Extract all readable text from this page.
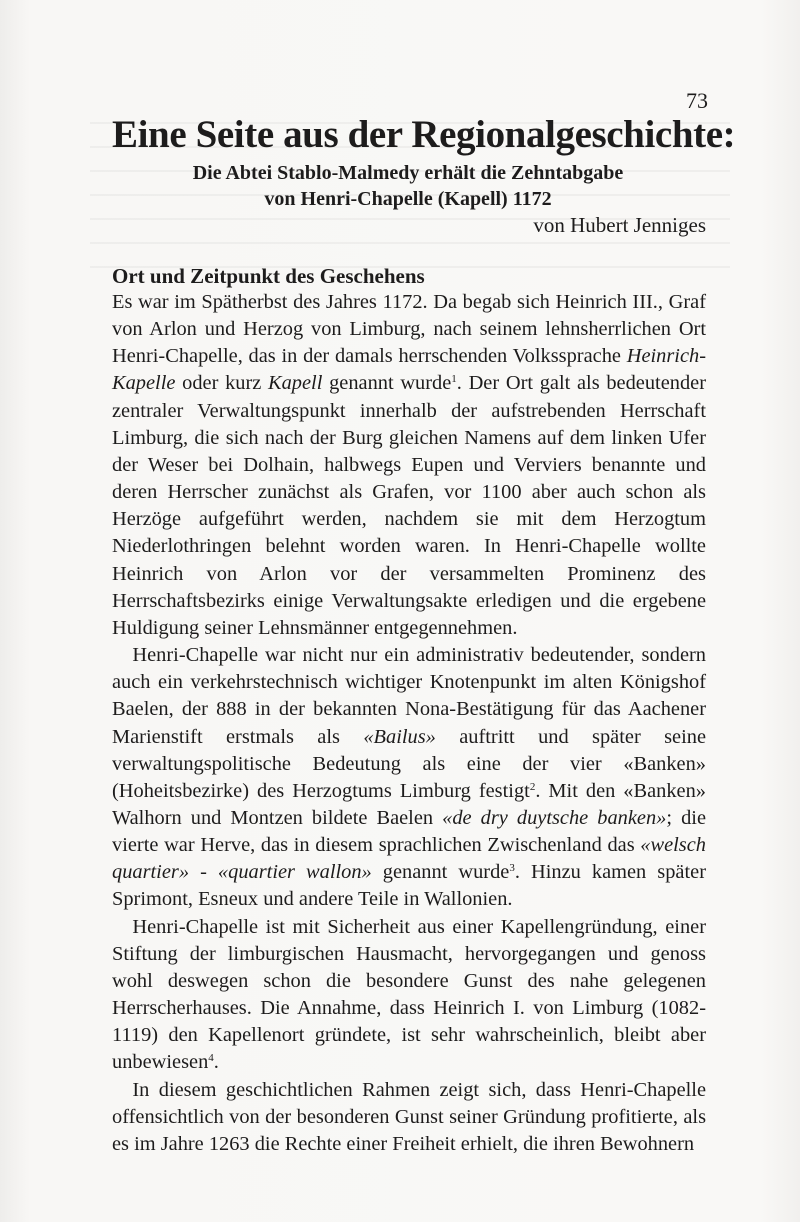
73
Eine Seite aus der Regionalgeschichte:
Die Abtei Stablo-Malmedy erhält die Zehntabgabe
von Henri-Chapelle (Kapell) 1172
von Hubert Jenniges
Ort und Zeitpunkt des Geschehens

Es war im Spätherbst des Jahres 1172. Da begab sich Heinrich III., Graf von Arlon und Herzog von Limburg, nach seinem lehnsherrlichen Ort Henri-Chapelle, das in der damals herrschenden Volkssprache Heinrich-Kapelle oder kurz Kapell genannt wurde$^1$. Der Ort galt als bedeutender zentraler Verwaltungspunkt innerhalb der aufstrebenden Herrschaft Limburg, die sich nach der Burg gleichen Namens auf dem linken Ufer der Weser bei Dolhain, halbwegs Eupen und Verviers benannte und deren Herrscher zunächst als Grafen, vor 1100 aber auch schon als Herzöge aufgeführt werden, nachdem sie mit dem Herzogtum Niederlothringen belehnt worden waren. In Henri-Chapelle wollte Heinrich von Arlon vor der versammelten Prominenz des Herrschaftsbezirks einige Verwaltungsakte erledigen und die ergebene Huldigung seiner Lehnsmänner entgegennehmen.

 Henri-Chapelle war nicht nur ein administrativ bedeutender, sondern auch ein verkehrstechnisch wichtiger Knotenpunkt im alten Königshof Baelen, der 888 in der bekannten Nona-Bestätigung für das Aachener Marienstift erstmals als «Bailus» auftritt und später seine verwaltungspolitische Bedeutung als eine der vier «Banken» (Hoheitsbezirke) des Herzogtums Limburg festigt$^2$. Mit den «Banken» Walhorn und Montzen bildete Baelen «de dry duytsche banken»; die vierte war Herve, das in diesem sprachlichen Zwischenland das «welsch quartier» - «quartier wallon» genannt wurde$^3$. Hinzu kamen später Sprimont, Esneux und andere Teile in Wallonien.

 Henri-Chapelle ist mit Sicherheit aus einer Kapellengründung, einer Stiftung der limburgischen Hausmacht, hervorgegangen und genoss wohl deswegen schon die besondere Gunst des nahe gelegenen Herrscherhauses. Die Annahme, dass Heinrich I. von Limburg (1082-1119) den Kapellenort gründete, ist sehr wahrscheinlich, bleibt aber unbewiesen$^4$.

 In diesem geschichtlichen Rahmen zeigt sich, dass Henri-Chapelle offensichtlich von der besonderen Gunst seiner Gründung profitierte, als es im Jahre 1263 die Rechte einer Freiheit erhielt, die ihren Bewohnern
